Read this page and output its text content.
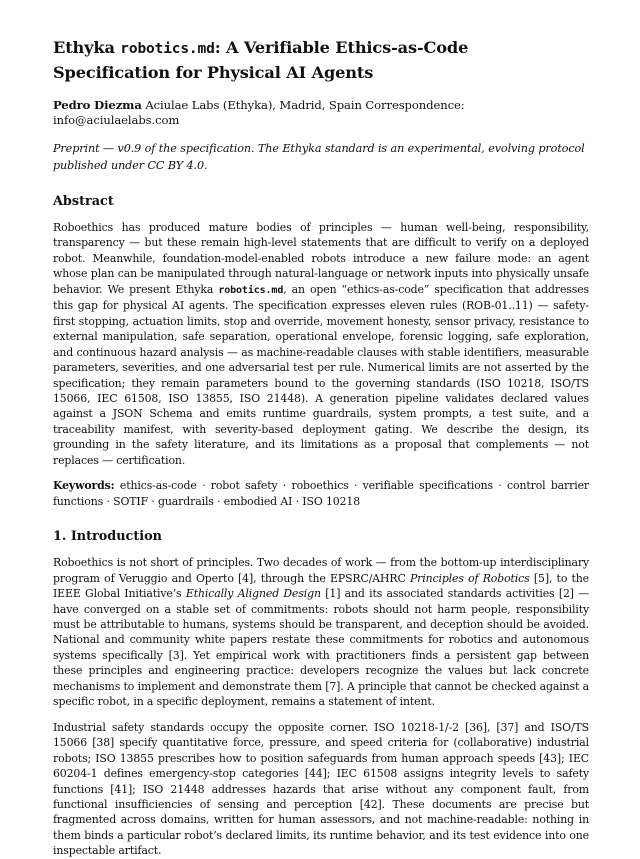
Ethyka robotics.md: A Verifiable Ethics-as-Code Specification for Physical AI Agents
Pedro Diezma Aciulae Labs (Ethyka), Madrid, Spain Correspondence: info@aciulaelabs.com
Preprint — v0.9 of the specification. The Ethyka standard is an experimental, evolving protocol published under CC BY 4.0.
Abstract

Roboethics has produced mature bodies of principles — human well-being, responsibility, transparency — but these remain high-level statements that are difficult to verify on a deployed robot. Meanwhile, foundation-model-enabled robots introduce a new failure mode: an agent whose plan can be manipulated through natural-language or network inputs into physically unsafe behavior. We present Ethyka robotics.md, an open “ethics-as-code” specification that addresses this gap for physical AI agents. The specification expresses eleven rules (ROB-01..11) — safety-first stopping, actuation limits, stop and override, movement honesty, sensor privacy, resistance to external manipulation, safe separation, operational envelope, forensic logging, safe exploration, and continuous hazard analysis — as machine-readable clauses with stable identifiers, measurable parameters, severities, and one adversarial test per rule. Numerical limits are not asserted by the specification; they remain parameters bound to the governing standards (ISO 10218, ISO/TS 15066, IEC 61508, ISO 13855, ISO 21448). A generation pipeline validates declared values against a JSON Schema and emits runtime guardrails, system prompts, a test suite, and a traceability manifest, with severity-based deployment gating. We describe the design, its grounding in the safety literature, and its limitations as a proposal that complements — not replaces — certification.

Keywords: ethics-as-code · robot safety · roboethics · verifiable specifications · control barrier functions · SOTIF · guardrails · embodied AI · ISO 10218

1. Introduction

Roboethics is not short of principles. Two decades of work — from the bottom-up interdisciplinary program of Veruggio and Operto [4], through the EPSRC/AHRC Principles of Robotics [5], to the IEEE Global Initiative’s Ethically Aligned Design [1] and its associated standards activities [2] — have converged on a stable set of commitments: robots should not harm people, responsibility must be attributable to humans, systems should be transparent, and deception should be avoided. National and community white papers restate these commitments for robotics and autonomous systems specifically [3]. Yet empirical work with practitioners finds a persistent gap between these principles and engineering practice: developers recognize the values but lack concrete mechanisms to implement and demonstrate them [7]. A principle that cannot be checked against a specific robot, in a specific deployment, remains a statement of intent.

Industrial safety standards occupy the opposite corner. ISO 10218-1/-2 [36], [37] and ISO/TS 15066 [38] specify quantitative force, pressure, and speed criteria for (collaborative) industrial robots; ISO 13855 prescribes how to position safeguards from human approach speeds [43]; IEC 60204-1 defines emergency-stop categories [44]; IEC 61508 assigns integrity levels to safety functions [41]; ISO 21448 addresses hazards that arise without any component fault, from functional insufficiencies of sensing and perception [42]. These documents are precise but fragmented across domains, written for human assessors, and not machine-readable: nothing in them binds a particular robot’s declared limits, its runtime behavior, and its test evidence into one inspectable artifact.
